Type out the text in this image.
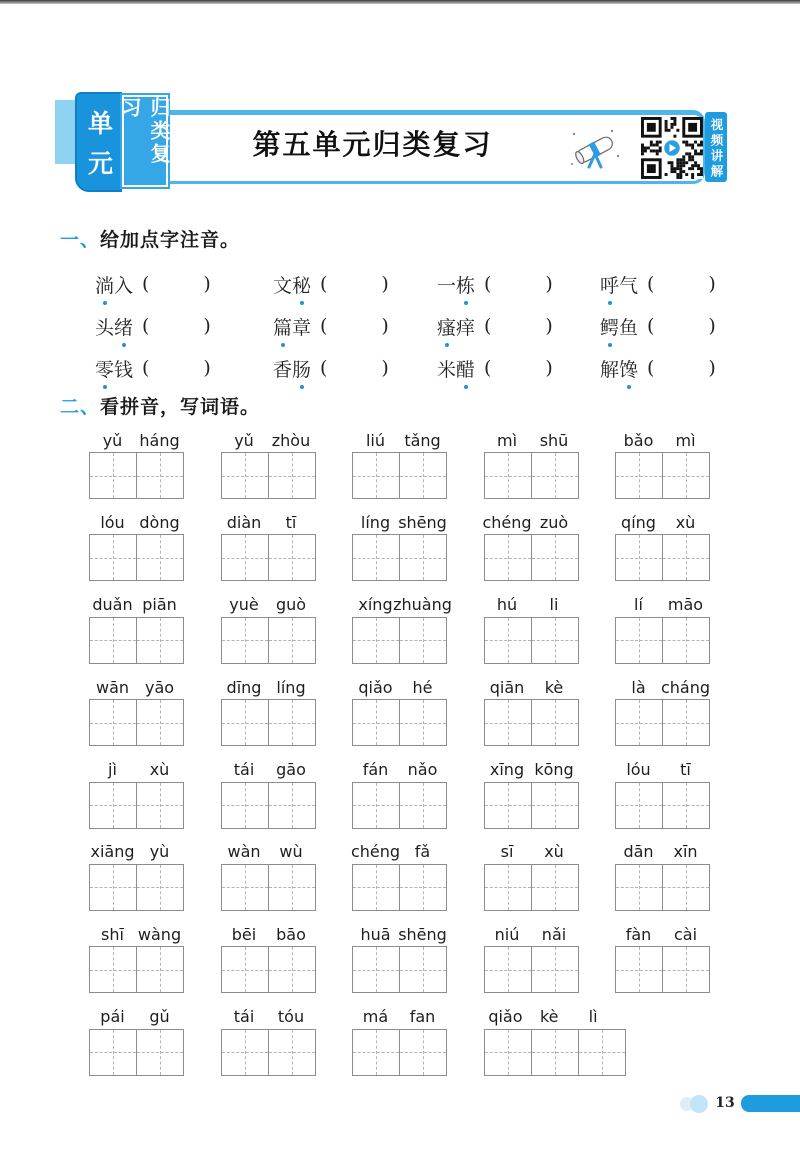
单元	归类复习
第五单元归类复习	视频讲解
一、给加点字注音。
淌 入 (	)	文 秘 (	)	一 栋 (	) 呼 气 (	)
头 绪 (	)	篇 章 (	)	瘙 痒 (	) 鳄 鱼 (	)
零 钱 (	)	香 肠 (	)	米 醋 (	) 解 馋 (	)
二、看拼音，写词语。
yǔ	háng	yǔ	zhòu	liú	tǎng	mì	shū	bǎo	mì
lóu dòng	diàn	tī	líng shēng chéng zuò	qíng	xù
duǎn piān	yuè	guò	xíng zhuàng	hú	li	lí	māo
wān yāo	dīng líng	qiǎo	hé	qiān	kè	là cháng
jì	xù	tái	gāo	fán	nǎo	xīng kōng	lóu	tī
xiāng yù	wàn	wù	chéng fǎ	sī	xù	dān	xīn
shī wàng	bēi	bāo	huā shēng	niú	nǎi	fàn	cài
pái	gǔ	tái	tóu	má	fan	qiǎo	kè	lì
13
